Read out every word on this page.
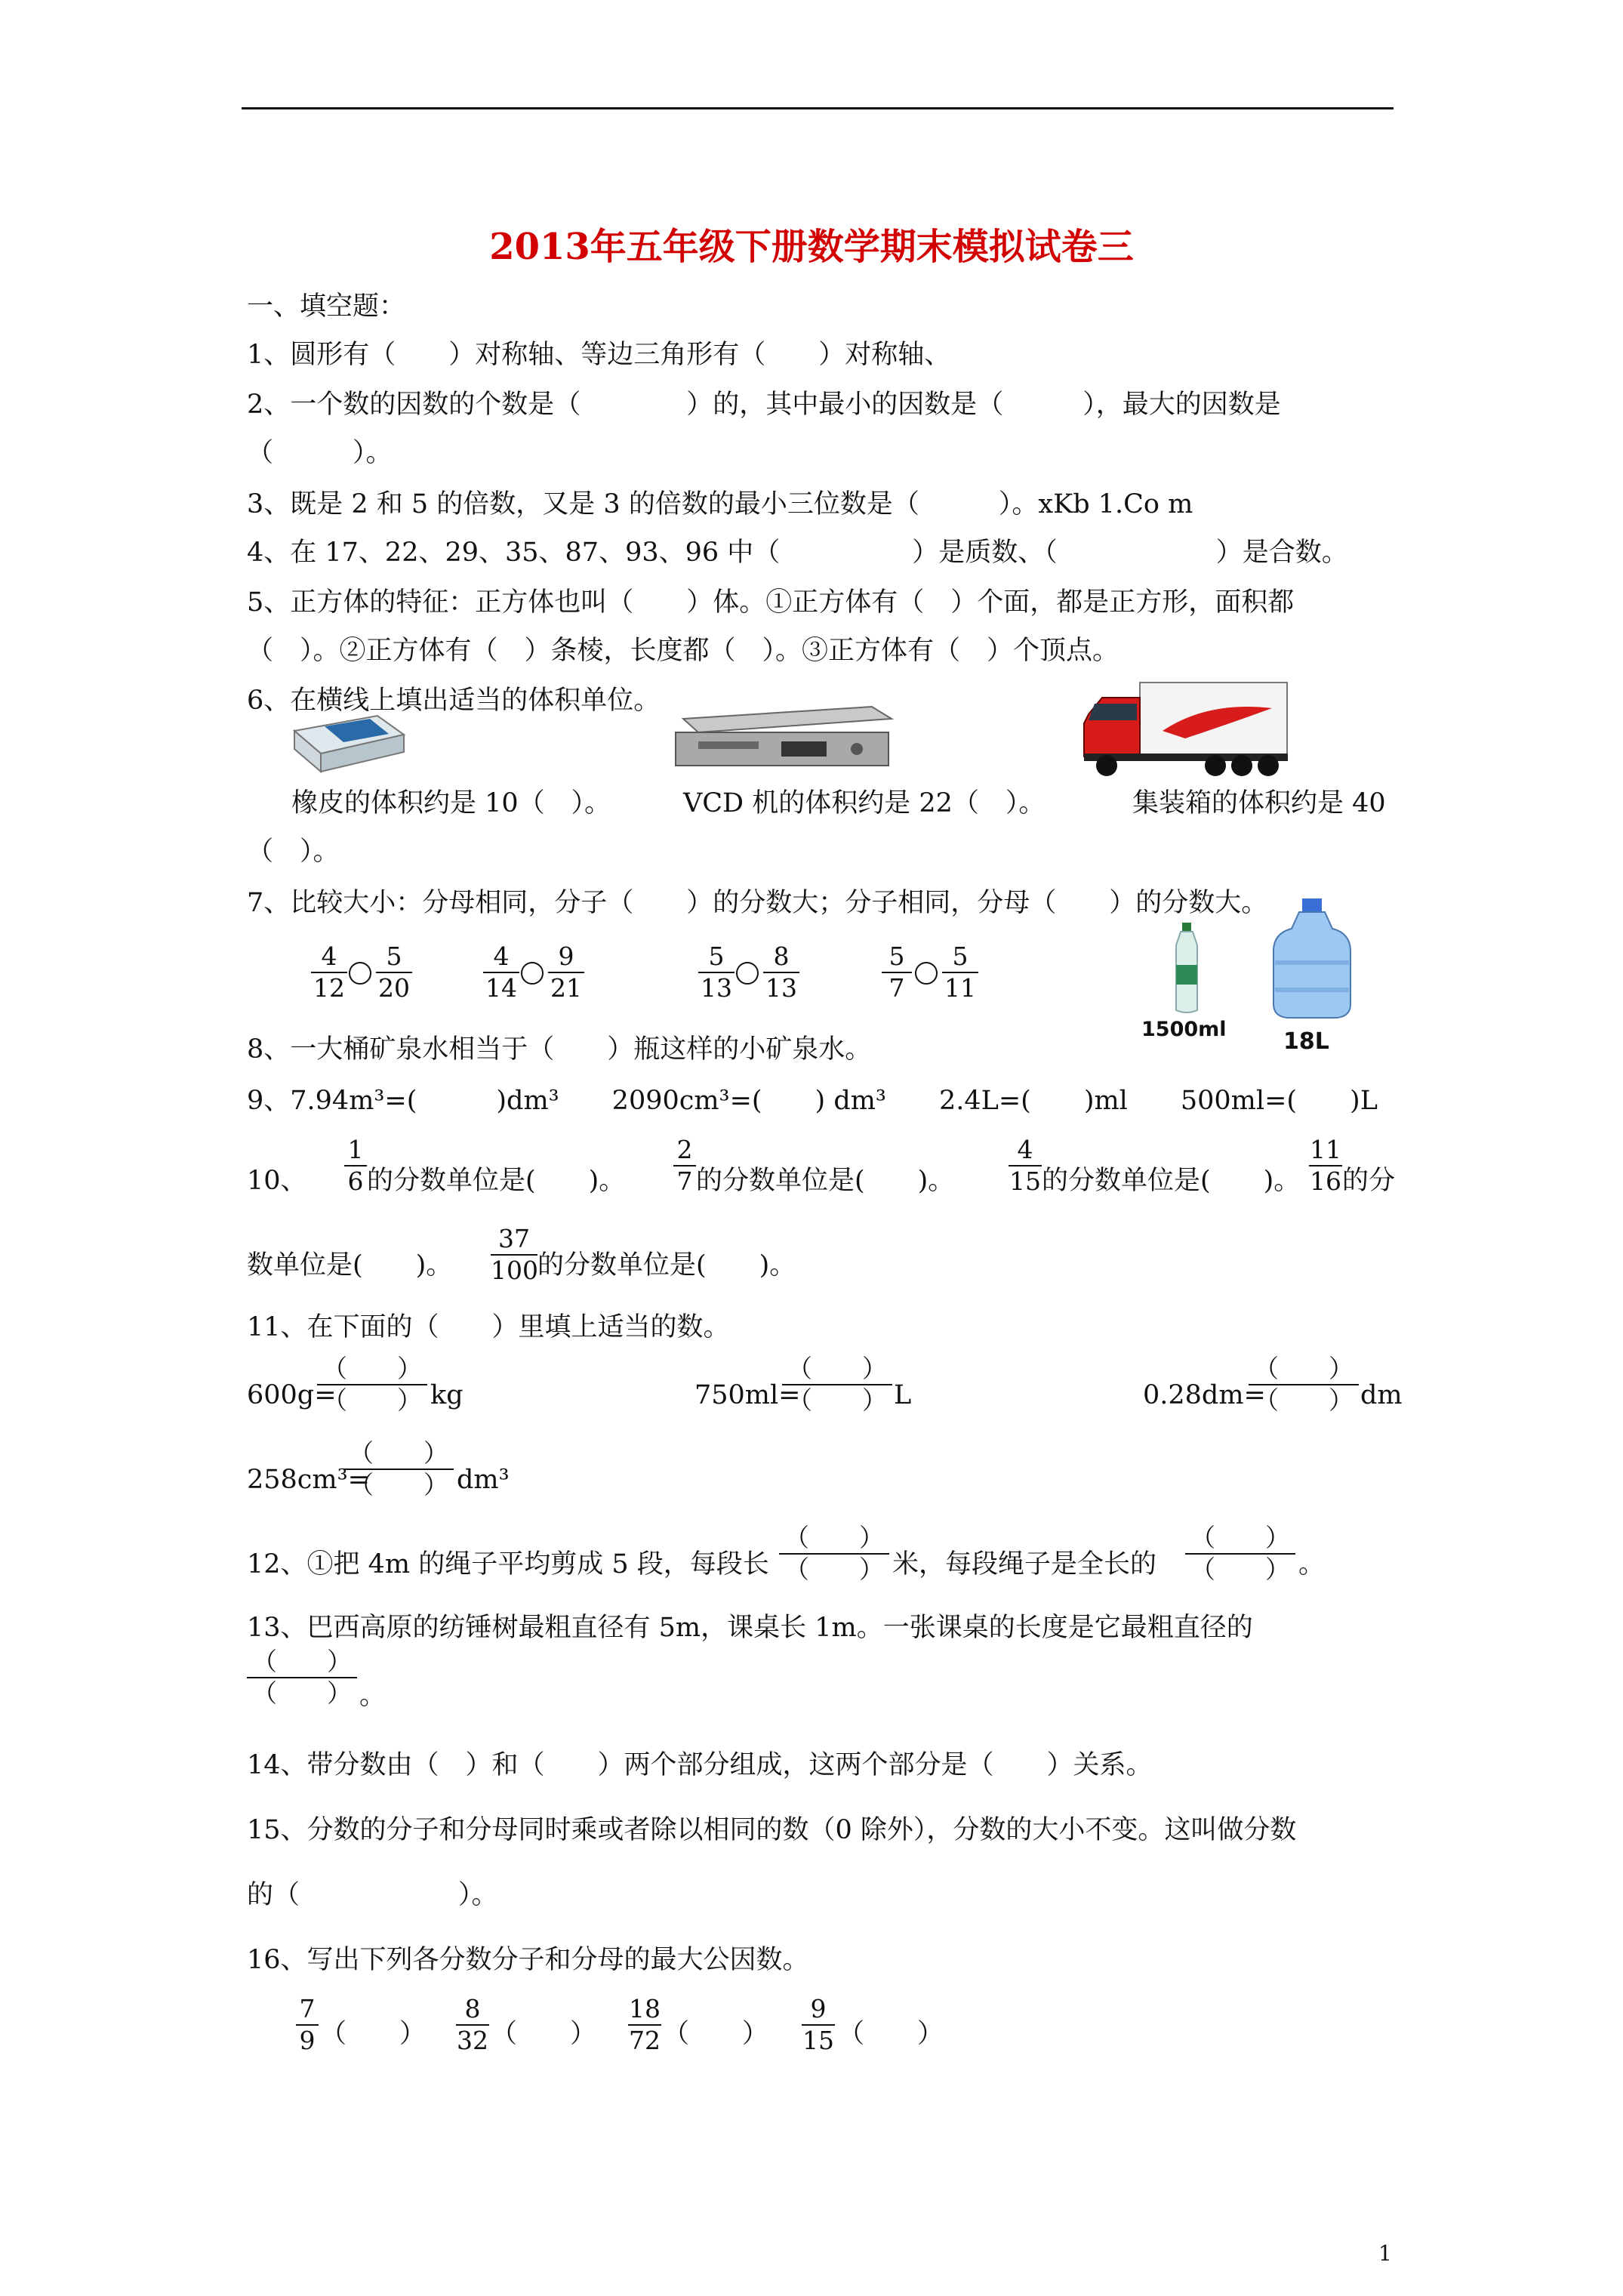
2013年五年级下册数学期末模拟试卷三
一、填空题：
1、圆形有（　　）对称轴、等边三角形有（　　）对称轴、
2、一个数的因数的个数是（　　　　）的，其中最小的因数是（　　　），最大的因数是
（　　　）。
3、既是 2 和 5 的倍数，又是 3 的倍数的最小三位数是（　　　）。xKb 1.Co m
4、在 17、22、29、35、87、93、96 中（　　　　　）是质数、（　　　　　　）是合数。
5、正方体的特征：正方体也叫（　　）体。①正方体有（　）个面，都是正方形，面积都
（　）。②正方体有（　）条棱，长度都（　）。③正方体有（　）个顶点。
6、在横线上填出适当的体积单位。
橡皮的体积约是 10（　）。	VCD 机的体积约是 22（　）。	集装箱的体积约是 40
（　）。
7、比较大小：分母相同，分子（　　）的分数大；分子相同，分母（　　）的分数大。
4
12
5
20
4
14
9
21
5
13
8
13
5
7
5
11
1500ml	18L
8、一大桶矿泉水相当于（　　）瓶这样的小矿泉水。
9、7.94m³=(　　　)dm³　　2090cm³=(　　) dm³　　2.4L=(　　)ml　　500ml=(　　)L
10、
1
6 的分数单位是(　　)。
2
7 的分数单位是(　　)。
4
15 的分数单位是(　　)。
11
16 的分
数单位是(　　)。
37
100 的分数单位是(　　)。
11、在下面的（　　）里填上适当的数。
600g=
（　　）
（　　） kg	750ml=
（　　）
（　　） L	0.28dm=
（　　）
（　　） dm
258cm³=
（　　）
（　　） dm³
12、①把 4m 的绳子平均剪成 5 段，每段长
（　　）
（　　） 米，每段绳子是全长的
（　　）
（　　） 。
13、巴西高原的纺锤树最粗直径有 5m，课桌长 1m。一张课桌的长度是它最粗直径的
（　　）
（　　） 。
14、带分数由（　）和（　　）两个部分组成，这两个部分是（　　）关系。
15、分数的分子和分母同时乘或者除以相同的数（0 除外），分数的大小不变。这叫做分数
的（　　　　　　）。
16、写出下列各分数分子和分母的最大公因数。
7
9 （　　）
8
32 （　　）
18
72 （　　）
9
15 （　　）
1
